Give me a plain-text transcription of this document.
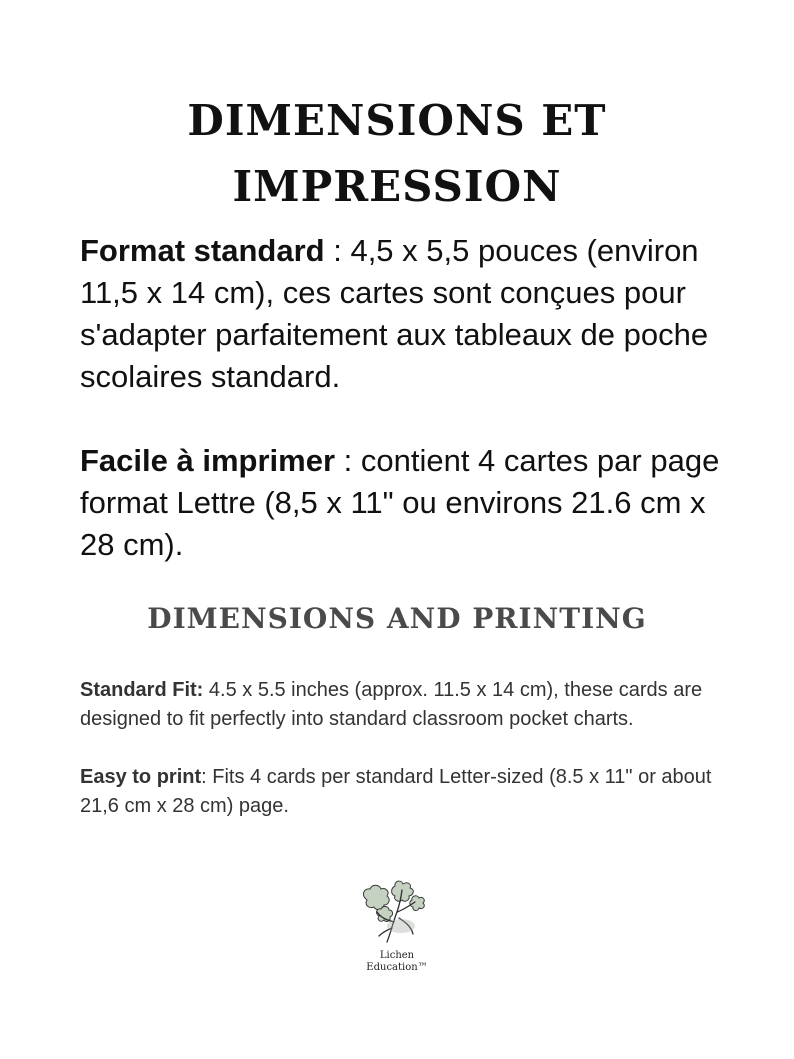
DIMENSIONS ET
IMPRESSION

Format standard : 4,5 x 5,5 pouces (environ 11,5 x 14 cm), ces cartes sont conçues pour s'adapter parfaitement aux tableaux de poche scolaires standard.

Facile à imprimer : contient 4 cartes par page format Lettre (8,5 x 11" ou environs 21.6 cm x 28 cm).

DIMENSIONS AND PRINTING

Standard Fit: 4.5 x 5.5 inches (approx. 11.5 x 14 cm), these cards are designed to fit perfectly into standard classroom pocket charts.

Easy to print: Fits 4 cards per standard Letter-sized (8.5 x 11" or about 21,6 cm x 28 cm) page.

Lichen
Education™
